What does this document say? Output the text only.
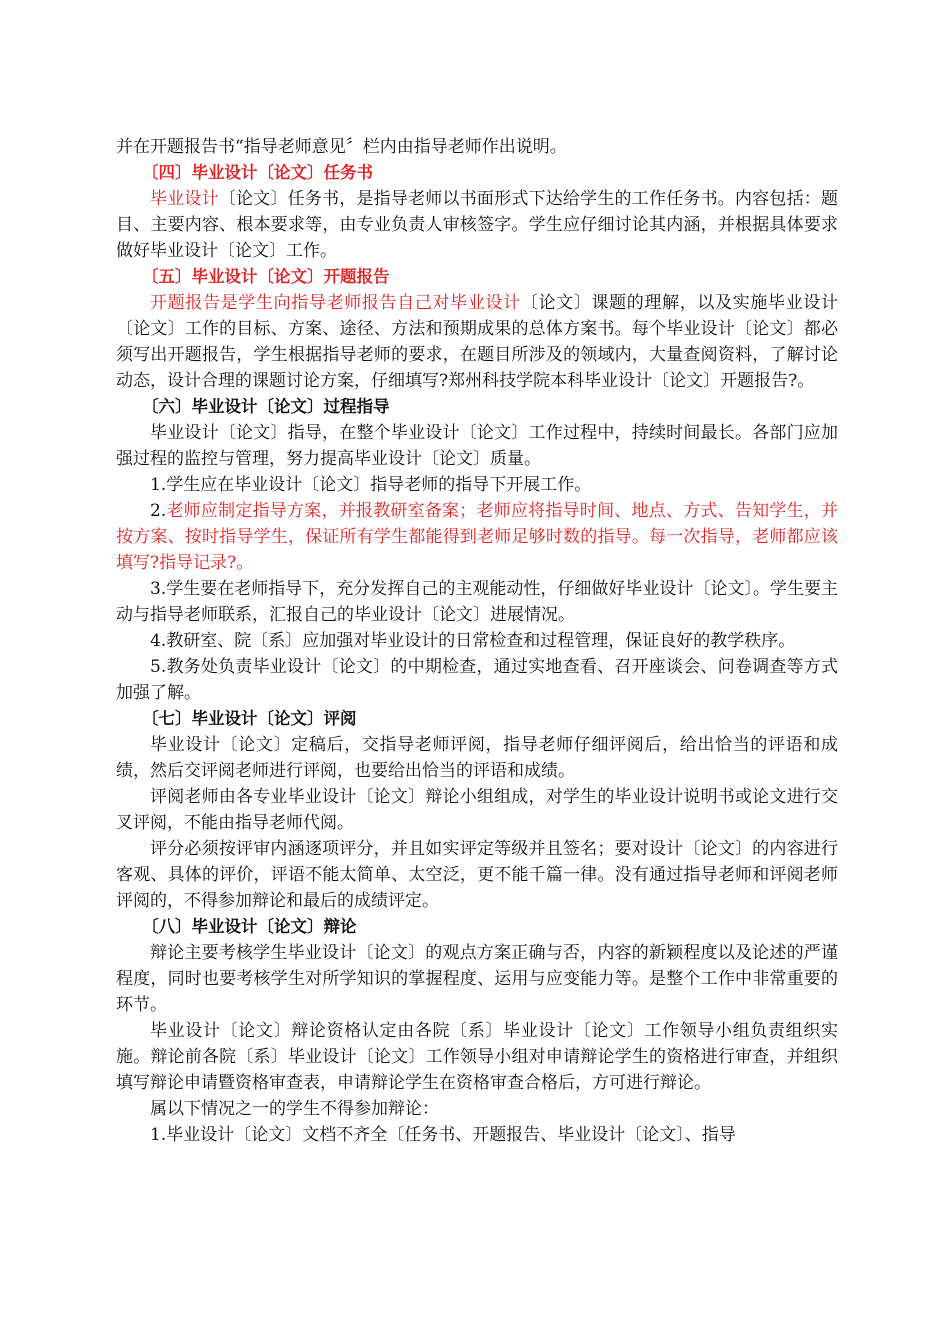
并在开题报告书“指导老师意见〞栏内由指导老师作出说明。

〔四〕毕业设计〔论文〕任务书

毕业设计〔论文〕任务书，是指导老师以书面形式下达给学生的工作任务书。内容包括：题目、主要内容、根本要求等，由专业负责人审核签字。学生应仔细讨论其内涵，并根据具体要求做好毕业设计〔论文〕工作。

〔五〕毕业设计〔论文〕开题报告

开题报告是学生向指导老师报告自己对毕业设计〔论文〕课题的理解，以及实施毕业设计〔论文〕工作的目标、方案、途径、方法和预期成果的总体方案书。每个毕业设计〔论文〕都必须写出开题报告，学生根据指导老师的要求，在题目所涉及的领域内，大量查阅资料，了解讨论动态，设计合理的课题讨论方案，仔细填写?郑州科技学院本科毕业设计〔论文〕开题报告?。

〔六〕毕业设计〔论文〕过程指导

毕业设计〔论文〕指导，在整个毕业设计〔论文〕工作过程中，持续时间最长。各部门应加强过程的监控与管理，努力提高毕业设计〔论文〕质量。

1.学生应在毕业设计〔论文〕指导老师的指导下开展工作。

2.老师应制定指导方案，并报教研室备案；老师应将指导时间、地点、方式、告知学生，并按方案、按时指导学生，保证所有学生都能得到老师足够时数的指导。每一次指导，老师都应该填写?指导记录?。

3.学生要在老师指导下，充分发挥自己的主观能动性，仔细做好毕业设计〔论文〕。学生要主动与指导老师联系，汇报自己的毕业设计〔论文〕进展情况。

4.教研室、院〔系〕应加强对毕业设计的日常检查和过程管理，保证良好的教学秩序。

5.教务处负责毕业设计〔论文〕的中期检查，通过实地查看、召开座谈会、问卷调查等方式加强了解。

〔七〕毕业设计〔论文〕评阅

毕业设计〔论文〕定稿后，交指导老师评阅，指导老师仔细评阅后，给出恰当的评语和成绩，然后交评阅老师进行评阅，也要给出恰当的评语和成绩。

评阅老师由各专业毕业设计〔论文〕辩论小组组成，对学生的毕业设计说明书或论文进行交叉评阅，不能由指导老师代阅。

评分必须按评审内涵逐项评分，并且如实评定等级并且签名；要对设计〔论文〕的内容进行客观、具体的评价，评语不能太简单、太空泛，更不能千篇一律。没有通过指导老师和评阅老师评阅的，不得参加辩论和最后的成绩评定。

〔八〕毕业设计〔论文〕辩论

辩论主要考核学生毕业设计〔论文〕的观点方案正确与否，内容的新颖程度以及论述的严谨程度，同时也要考核学生对所学知识的掌握程度、运用与应变能力等。是整个工作中非常重要的环节。

毕业设计〔论文〕辩论资格认定由各院〔系〕毕业设计〔论文〕工作领导小组负责组织实施。辩论前各院〔系〕毕业设计〔论文〕工作领导小组对申请辩论学生的资格进行审查，并组织填写辩论申请暨资格审查表，申请辩论学生在资格审查合格后，方可进行辩论。

属以下情况之一的学生不得参加辩论：

1.毕业设计〔论文〕文档不齐全〔任务书、开题报告、毕业设计〔论文〕、指导
